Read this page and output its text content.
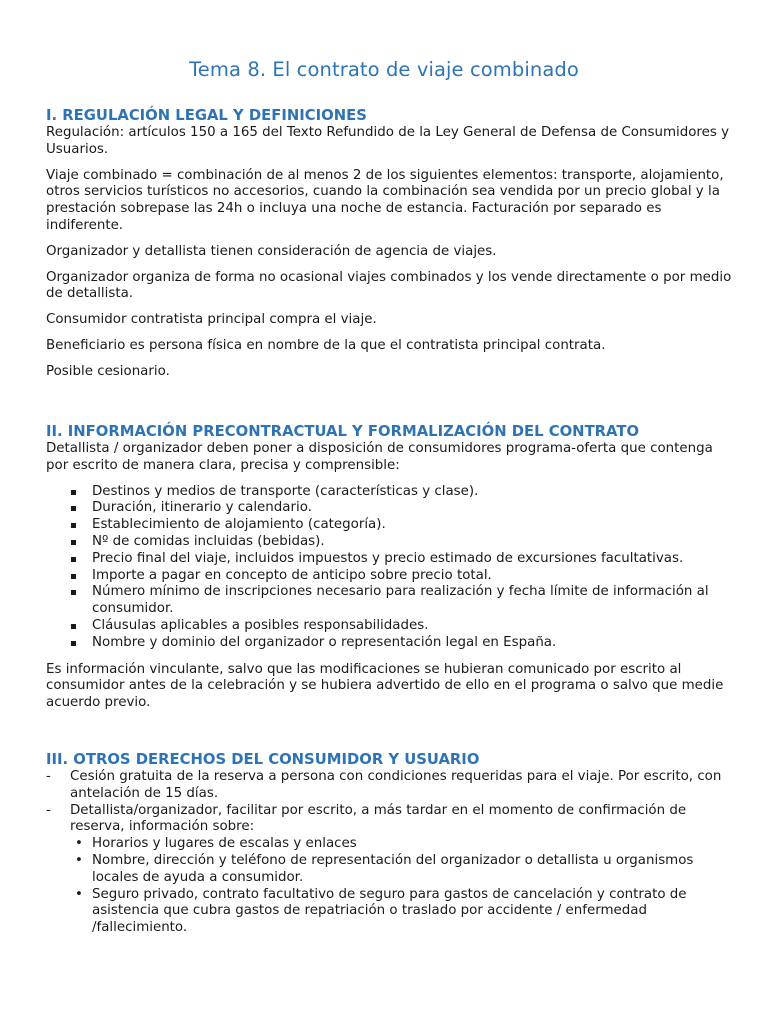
Tema 8. El contrato de viaje combinado
I. REGULACIÓN LEGAL Y DEFINICIONES

Regulación: artículos 150 a 165 del Texto Refundido de la Ley General de Defensa de Consumidores y Usuarios.

Viaje combinado = combinación de al menos 2 de los siguientes elementos: transporte, alojamiento, otros servicios turísticos no accesorios, cuando la combinación sea vendida por un precio global y la prestación sobrepase las 24h o incluya una noche de estancia. Facturación por separado es indiferente.

Organizador y detallista tienen consideración de agencia de viajes.

Organizador organiza de forma no ocasional viajes combinados y los vende directamente o por medio de detallista.

Consumidor contratista principal compra el viaje.

Beneficiario es persona física en nombre de la que el contratista principal contrata.

Posible cesionario.

II. INFORMACIÓN PRECONTRACTUAL Y FORMALIZACIÓN DEL CONTRATO

Detallista / organizador deben poner a disposición de consumidores programa-oferta que contenga por escrito de manera clara, precisa y comprensible:

Destinos y medios de transporte (características y clase).
Duración, itinerario y calendario.
Establecimiento de alojamiento (categoría).
Nº de comidas incluidas (bebidas).
Precio final del viaje, incluidos impuestos y precio estimado de excursiones facultativas.
Importe a pagar en concepto de anticipo sobre precio total.
Número mínimo de inscripciones necesario para realización y fecha límite de información al consumidor.
Cláusulas aplicables a posibles responsabilidades.
Nombre y dominio del organizador o representación legal en España.

Es información vinculante, salvo que las modificaciones se hubieran comunicado por escrito al consumidor antes de la celebración y se hubiera advertido de ello en el programa o salvo que medie acuerdo previo.

III. OTROS DERECHOS DEL CONSUMIDOR Y USUARIO
- Cesión gratuita de la reserva a persona con condiciones requeridas para el viaje. Por escrito, con antelación de 15 días.
- Detallista/organizador, facilitar por escrito, a más tardar en el momento de confirmación de reserva, información sobre:
• Horarios y lugares de escalas y enlaces
• Nombre, dirección y teléfono de representación del organizador o detallista u organismos locales de ayuda a consumidor.
• Seguro privado, contrato facultativo de seguro para gastos de cancelación y contrato de asistencia que cubra gastos de repatriación o traslado por accidente / enfermedad /fallecimiento.
